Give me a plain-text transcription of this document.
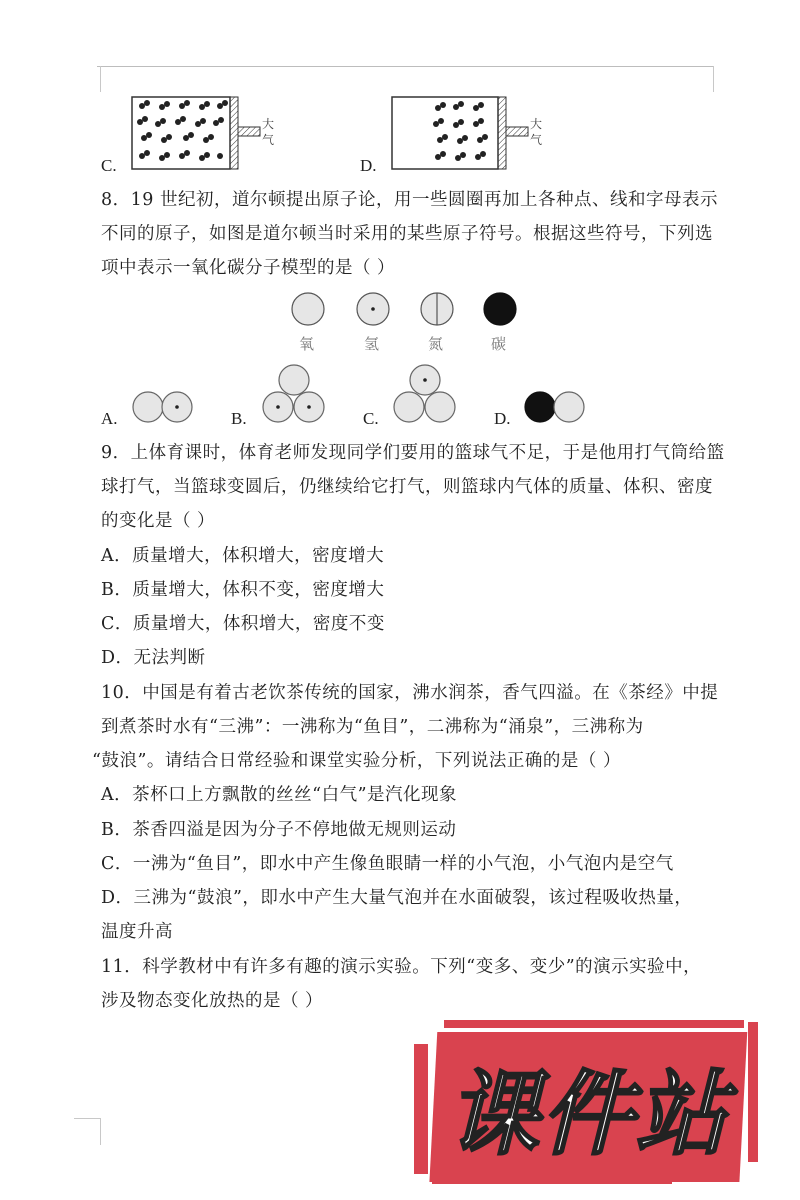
C.
大
气
D.
大
气
8．19 世纪初，道尔顿提出原子论，用一些圆圈再加上各种点、线和字母表示
不同的原子，如图是道尔顿当时采用的某些原子符号。根据这些符号，下列选
项中表示一氧化碳分子模型的是（ ）
氧	氢	氮	碳
A.	B.	C.	D.
9．上体育课时，体育老师发现同学们要用的篮球气不足，于是他用打气筒给篮
球打气，当篮球变圆后，仍继续给它打气，则篮球内气体的质量、体积、密度
的变化是（ ）
A．质量增大，体积增大，密度增大
B．质量增大，体积不变，密度增大
C．质量增大，体积增大，密度不变
D．无法判断
10．中国是有着古老饮茶传统的国家，沸水润茶，香气四溢。在《茶经》中提
到煮茶时水有“三沸”：一沸称为“鱼目”，二沸称为“涌泉”，三沸称为
“鼓浪”。请结合日常经验和课堂实验分析，下列说法正确的是（ ）
A．茶杯口上方飘散的丝丝“白气”是汽化现象
B．茶香四溢是因为分子不停地做无规则运动
C．一沸为“鱼目”，即水中产生像鱼眼睛一样的小气泡，小气泡内是空气
D．三沸为“鼓浪”，即水中产生大量气泡并在水面破裂，该过程吸收热量，
温度升高
11．科学教材中有许多有趣的演示实验。下列“变多、变少”的演示实验中，
涉及物态变化放热的是（ ）
课件站
